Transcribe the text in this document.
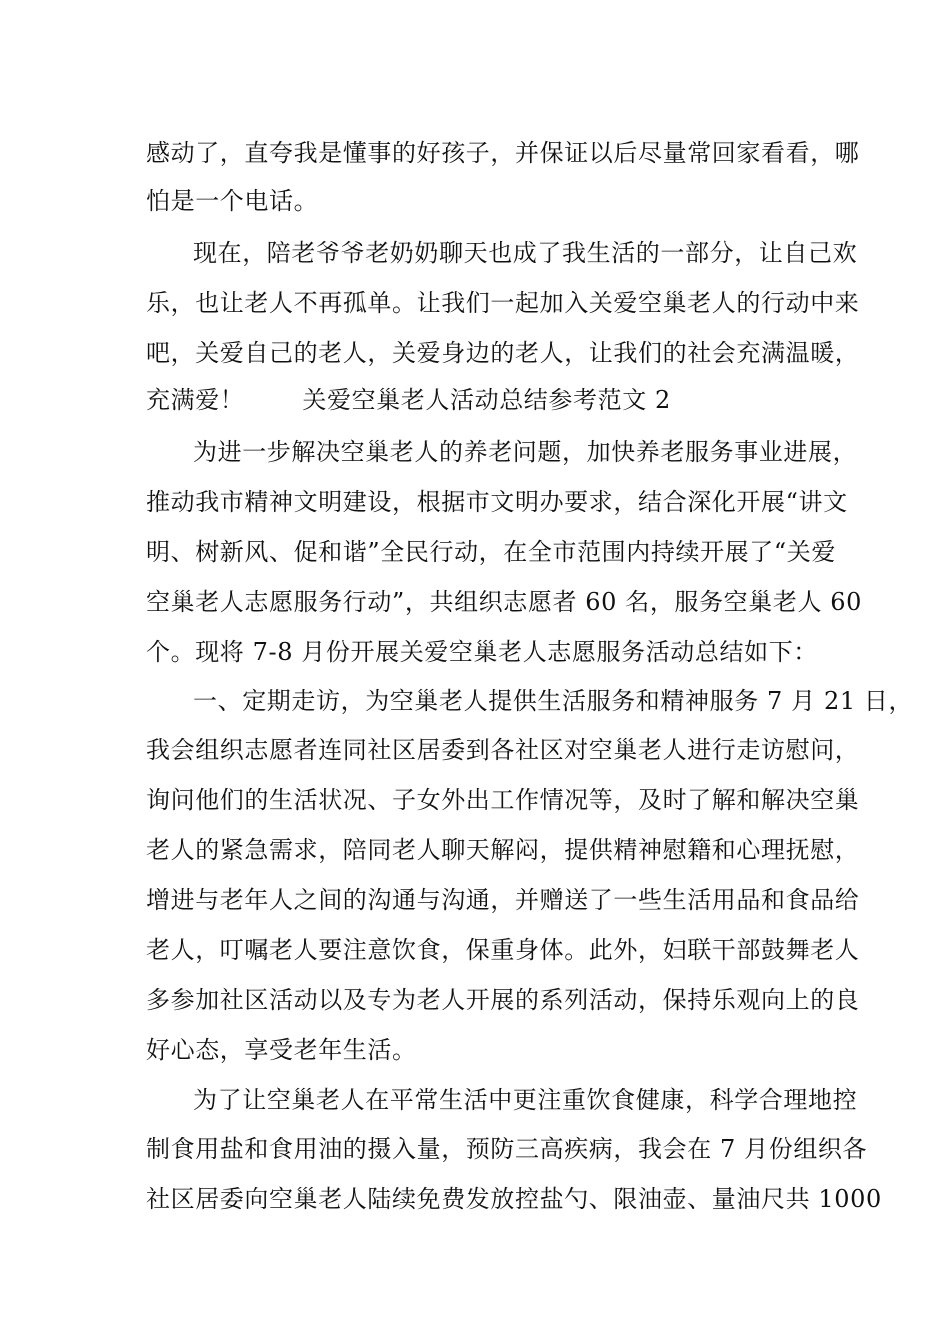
感动了，直夸我是懂事的好孩子，并保证以后尽量常回家看看，哪
怕是一个电话。
现在，陪老爷爷老奶奶聊天也成了我生活的一部分，让自己欢
乐，也让老人不再孤单。让我们一起加入关爱空巢老人的行动中来
吧，关爱自己的老人，关爱身边的老人，让我们的社会充满温暖，
充满爱！ 关爱空巢老人活动总结参考范文 2
为进一步解决空巢老人的养老问题，加快养老服务事业进展，
推动我市精神文明建设，根据市文明办要求，结合深化开展“讲文
明、树新风、促和谐”全民行动，在全市范围内持续开展了“关爱
空巢老人志愿服务行动”，共组织志愿者 60 名，服务空巢老人 60
个。现将 7-8 月份开展关爱空巢老人志愿服务活动总结如下：
一、定期走访，为空巢老人提供生活服务和精神服务 7 月 21 日，
我会组织志愿者连同社区居委到各社区对空巢老人进行走访慰问，
询问他们的生活状况、子女外出工作情况等，及时了解和解决空巢
老人的紧急需求，陪同老人聊天解闷，提供精神慰籍和心理抚慰，
增进与老年人之间的沟通与沟通，并赠送了一些生活用品和食品给
老人，叮嘱老人要注意饮食，保重身体。此外，妇联干部鼓舞老人
多参加社区活动以及专为老人开展的系列活动，保持乐观向上的良
好心态，享受老年生活。
为了让空巢老人在平常生活中更注重饮食健康，科学合理地控
制食用盐和食用油的摄入量，预防三高疾病，我会在 7 月份组织各
社区居委向空巢老人陆续免费发放控盐勺、限油壶、量油尺共 1000
